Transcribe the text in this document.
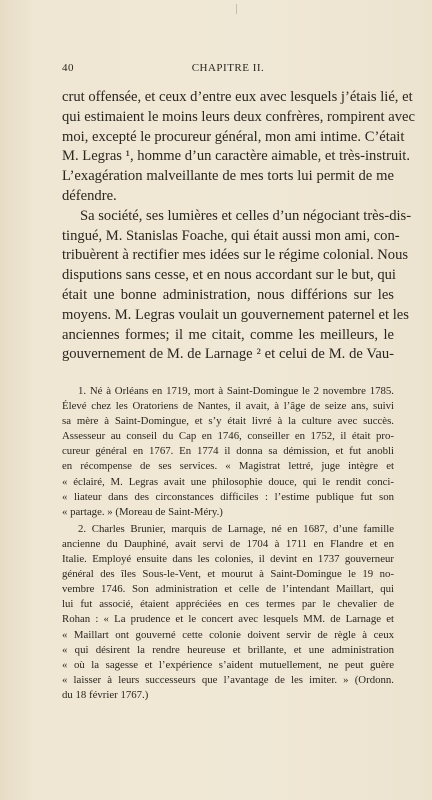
40	CHAPITRE II.
crut offensée, et ceux d’entre eux avec lesquels j’étais lié, et
qui estimaient le moins leurs deux confrères, rompirent avec
moi, excepté le procureur général, mon ami intime. C’était
M. Legras ¹, homme d’un caractère aimable, et très-instruit.
L’exagération malveillante de mes torts lui permit de me
défendre.
Sa société, ses lumières et celles d’un négociant très-dis-
tingué, M. Stanislas Foache, qui était aussi mon ami, con-
tribuèrent à rectifier mes idées sur le régime colonial. Nous
disputions sans cesse, et en nous accordant sur le but, qui
était une bonne administration, nous différions sur les
moyens. M. Legras voulait un gouvernement paternel et les
anciennes formes; il me citait, comme les meilleurs, le
gouvernement de M. de Larnage ² et celui de M. de Vau-
1. Né à Orléans en 1719, mort à Saint-Domingue le 2 novembre 1785.
Élevé chez les Oratoriens de Nantes, il avait, à l’âge de seize ans, suivi
sa mère à Saint-Domingue, et s’y était livré à la culture avec succès.
Assesseur au conseil du Cap en 1746, conseiller en 1752, il était pro-
cureur général en 1767. En 1774 il donna sa démission, et fut anobli
en récompense de ses services. « Magistrat lettré, juge intègre et
« éclairé, M. Legras avait une philosophie douce, qui le rendit conci-
« liateur dans des circonstances difficiles : l’estime publique fut son
« partage. » (Moreau de Saint-Méry.)
2. Charles Brunier, marquis de Larnage, né en 1687, d’une famille
ancienne du Dauphiné, avait servi de 1704 à 1711 en Flandre et en
Italie. Employé ensuite dans les colonies, il devint en 1737 gouverneur
général des îles Sous-le-Vent, et mourut à Saint-Domingue le 19 no-
vembre 1746. Son administration et celle de l’intendant Maillart, qui
lui fut associé, étaient appréciées en ces termes par le chevalier de
Rohan : « La prudence et le concert avec lesquels MM. de Larnage et
« Maillart ont gouverné cette colonie doivent servir de règle à ceux
« qui désirent la rendre heureuse et brillante, et une administration
« où la sagesse et l’expérience s’aident mutuellement, ne peut guère
« laisser à leurs successeurs que l’avantage de les imiter. » (Ordonn.
du 18 février 1767.)
